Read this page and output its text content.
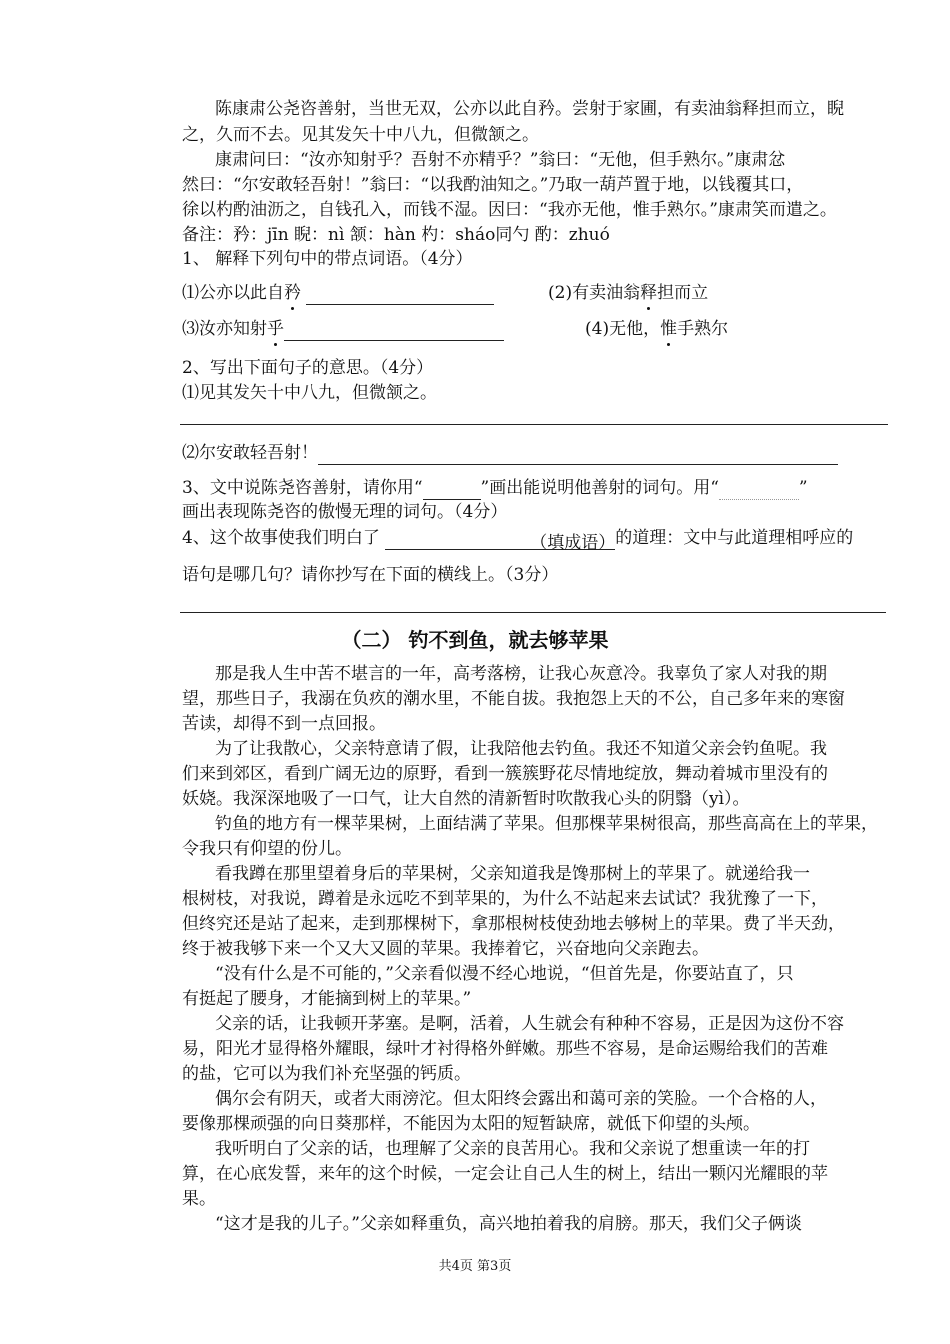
陈康肃公尧咨善射，当世无双，公亦以此自矜。尝射于家圃，有卖油翁释担而立，睨
之，久而不去。见其发矢十中八九，但微颔之。
康肃问曰：“汝亦知射乎？吾射不亦精乎？”翁曰：“无他，但手熟尔。”康肃忿
然曰：“尔安敢轻吾射！”翁曰：“以我酌油知之。”乃取一葫芦置于地，以钱覆其口，
徐以杓酌油沥之，自钱孔入，而钱不湿。因曰：“我亦无他，惟手熟尔。”康肃笑而遣之。
备注：矜：jīn 睨：nì 颔：hàn 杓：sháo同勺 酌：zhuó
1、 解释下列句中的带点词语。（4分）
⑴公亦以此自矜	(2)有卖油翁释担而立
⑶汝亦知射乎	(4)无他，惟手熟尔
2、写出下面句子的意思。（4分）
⑴见其发矢十中八九，但微颔之。
⑵尔安敢轻吾射！
3、文中说陈尧咨善射，请你用“	”画出能说明他善射的词句。用“	”
画出表现陈尧咨的傲慢无理的词句。（4分）
4、这个故事使我们明白了	（填成语）的道理：文中与此道理相呼应的
语句是哪几句？请你抄写在下面的横线上。（3分）
（二） 钓不到鱼，就去够苹果
那是我人生中苦不堪言的一年，高考落榜，让我心灰意冷。我辜负了家人对我的期
望，那些日子，我溺在负疚的潮水里，不能自拔。我抱怨上天的不公，自己多年来的寒窗
苦读，却得不到一点回报。
为了让我散心，父亲特意请了假，让我陪他去钓鱼。我还不知道父亲会钓鱼呢。我
们来到郊区，看到广阔无边的原野，看到一簇簇野花尽情地绽放，舞动着城市里没有的
妖娆。我深深地吸了一口气，让大自然的清新暂时吹散我心头的阴翳（yì）。
钓鱼的地方有一棵苹果树，上面结满了苹果。但那棵苹果树很高，那些高高在上的苹果，
令我只有仰望的份儿。
看我蹲在那里望着身后的苹果树，父亲知道我是馋那树上的苹果了。就递给我一
根树枝，对我说，蹲着是永远吃不到苹果的，为什么不站起来去试试？我犹豫了一下，
但终究还是站了起来，走到那棵树下，拿那根树枝使劲地去够树上的苹果。费了半天劲，
终于被我够下来一个又大又圆的苹果。我捧着它，兴奋地向父亲跑去。
“没有什么是不可能的，”父亲看似漫不经心地说，“但首先是，你要站直了，只
有挺起了腰身，才能摘到树上的苹果。”
父亲的话，让我顿开茅塞。是啊，活着，人生就会有种种不容易，正是因为这份不容
易，阳光才显得格外耀眼，绿叶才衬得格外鲜嫩。那些不容易，是命运赐给我们的苦难
的盐，它可以为我们补充坚强的钙质。
偶尔会有阴天，或者大雨滂沱。但太阳终会露出和蔼可亲的笑脸。一个合格的人，
要像那棵顽强的向日葵那样，不能因为太阳的短暂缺席，就低下仰望的头颅。
我听明白了父亲的话，也理解了父亲的良苦用心。我和父亲说了想重读一年的打
算，在心底发誓，来年的这个时候，一定会让自己人生的树上，结出一颗闪光耀眼的苹
果。
“这才是我的儿子。”父亲如释重负，高兴地拍着我的肩膀。那天，我们父子俩谈
共4页 第3页
